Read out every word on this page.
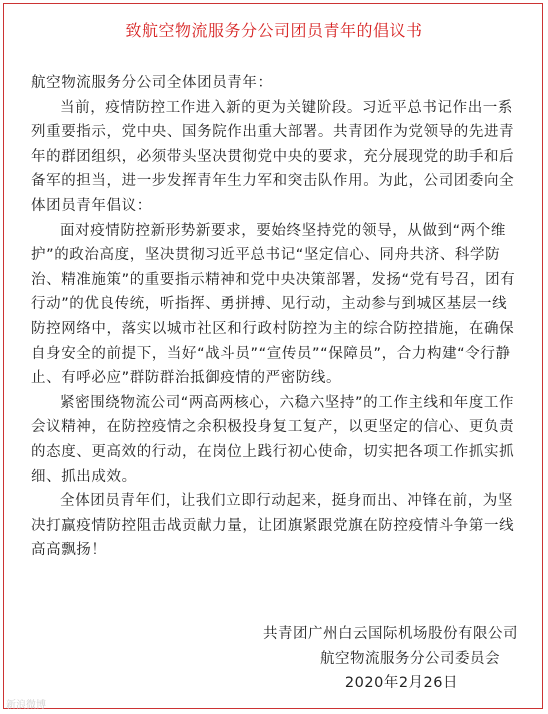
致航空物流服务分公司团员青年的倡议书

航空物流服务分公司全体团员青年：

当前，疫情防控工作进入新的更为关键阶段。习近平总书记作出一系列重要指示，党中央、国务院作出重大部署。共青团作为党领导的先进青年的群团组织，必须带头坚决贯彻党中央的要求，充分展现党的助手和后备军的担当，进一步发挥青年生力军和突击队作用。为此，公司团委向全体团员青年倡议：

面对疫情防控新形势新要求，要始终坚持党的领导，从做到“两个维护”的政治高度，坚决贯彻习近平总书记“坚定信心、同舟共济、科学防治、精准施策”的重要指示精神和党中央决策部署，发扬“党有号召，团有行动”的优良传统，听指挥、勇拼搏、见行动，主动参与到城区基层一线防控网络中，落实以城市社区和行政村防控为主的综合防控措施，在确保自身安全的前提下，当好“战斗员”“宣传员”“保障员”，合力构建“令行静止、有呼必应”群防群治抵御疫情的严密防线。

紧密围绕物流公司“两高两核心，六稳六坚持”的工作主线和年度工作会议精神，在防控疫情之余积极投身复工复产，以更坚定的信心、更负责的态度、更高效的行动，在岗位上践行初心使命，切实把各项工作抓实抓细、抓出成效。

全体团员青年们，让我们立即行动起来，挺身而出、冲锋在前，为坚决打赢疫情防控阻击战贡献力量，让团旗紧跟党旗在防控疫情斗争第一线高高飘扬！

共青团广州白云国际机场股份有限公司
航空物流服务分公司委员会
2020年2月26日
新浪微博
